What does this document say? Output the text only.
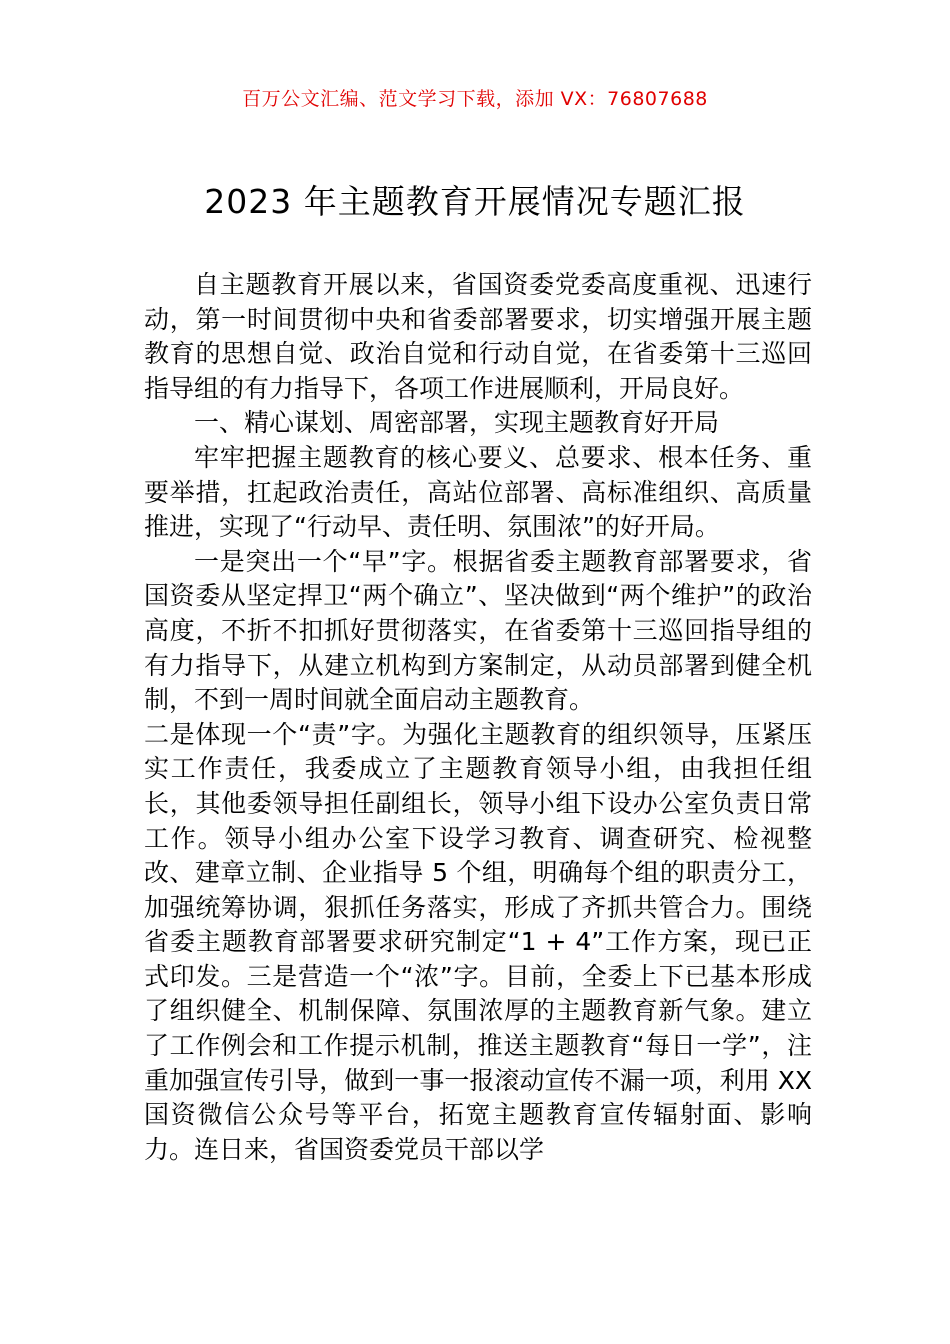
百万公文汇编、范文学习下载，添加 VX：76807688
2023 年主题教育开展情况专题汇报

自主题教育开展以来，省国资委党委高度重视、迅速行动，第一时间贯彻中央和省委部署要求，切实增强开展主题教育的思想自觉、政治自觉和行动自觉，在省委第十三巡回指导组的有力指导下，各项工作进展顺利，开局良好。

一、精心谋划、周密部署，实现主题教育好开局

牢牢把握主题教育的核心要义、总要求、根本任务、重要举措，扛起政治责任，高站位部署、高标准组织、高质量推进，实现了“行动早、责任明、氛围浓”的好开局。

一是突出一个“早”字。根据省委主题教育部署要求，省国资委从坚定捍卫“两个确立”、坚决做到“两个维护”的政治高度，不折不扣抓好贯彻落实，在省委第十三巡回指导组的有力指导下，从建立机构到方案制定，从动员部署到健全机制，不到一周时间就全面启动主题教育。

二是体现一个“责”字。为强化主题教育的组织领导，压紧压实工作责任，我委成立了主题教育领导小组，由我担任组长，其他委领导担任副组长，领导小组下设办公室负责日常工作。领导小组办公室下设学习教育、调查研究、检视整改、建章立制、企业指导 5 个组，明确每个组的职责分工，加强统筹协调，狠抓任务落实，形成了齐抓共管合力。围绕省委主题教育部署要求研究制定“1 + 4”工作方案，现已正式印发。三是营造一个“浓”字。目前，全委上下已基本形成了组织健全、机制保障、氛围浓厚的主题教育新气象。建立了工作例会和工作提示机制，推送主题教育“每日一学”，注重加强宣传引导，做到一事一报滚动宣传不漏一项，利用 XX 国资微信公众号等平台，拓宽主题教育宣传辐射面、影响力。连日来，省国资委党员干部以学
